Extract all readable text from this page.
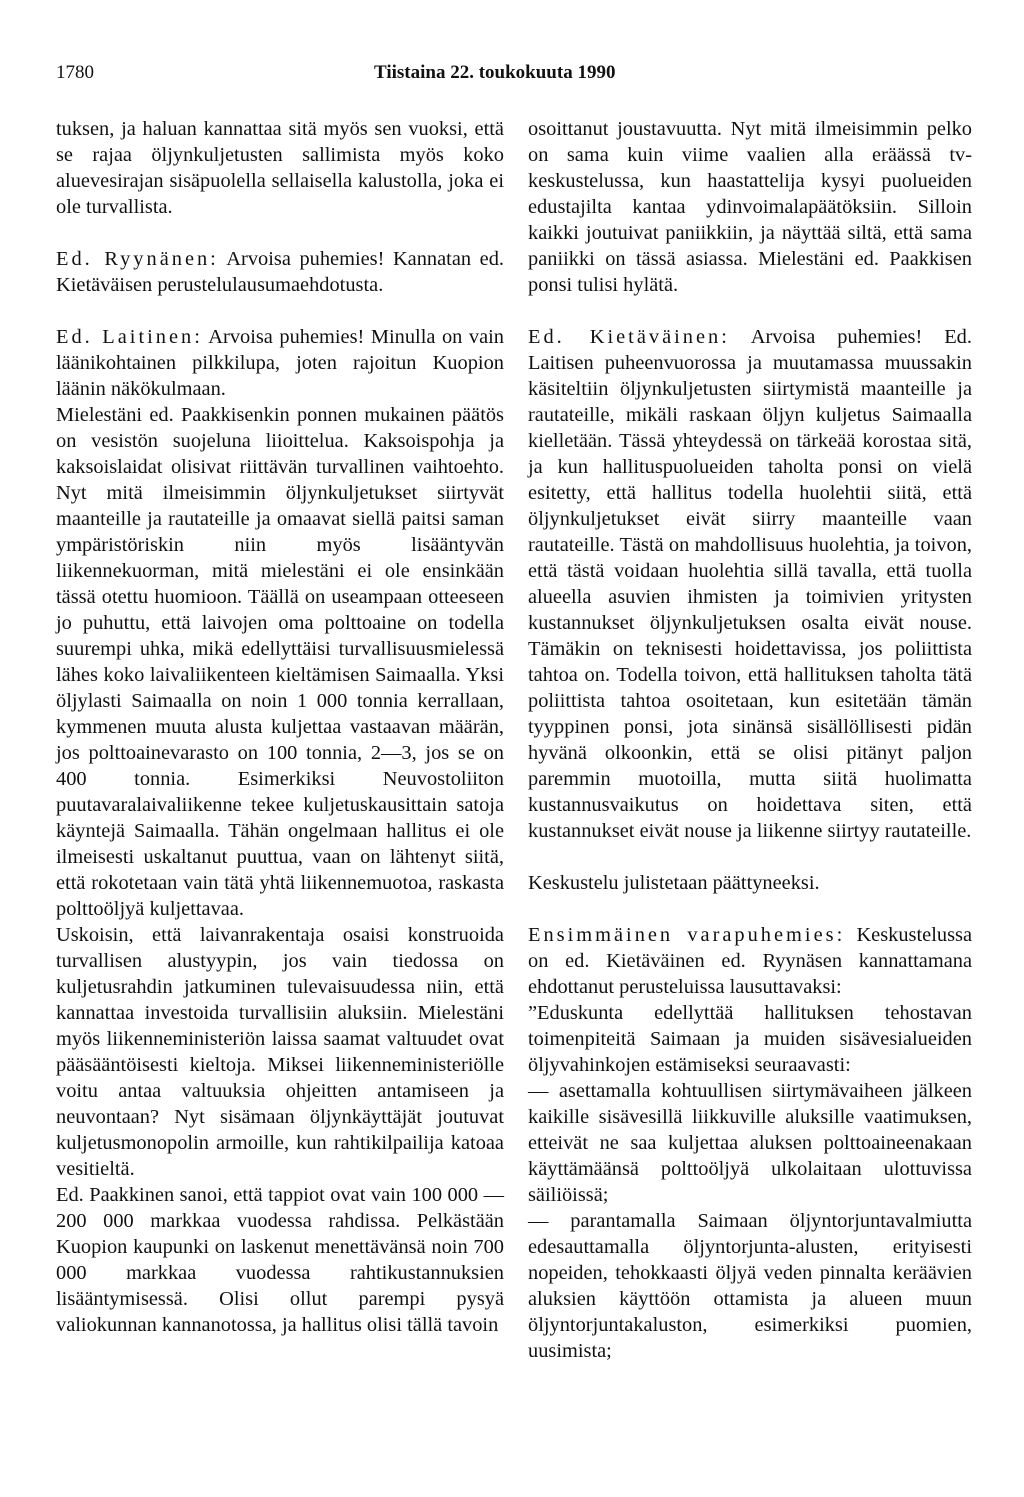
1780	Tiistaina 22. toukokuuta 1990

tuksen, ja haluan kannattaa sitä myös sen vuoksi, että se rajaa öljynkuljetusten sallimista myös koko aluevesirajan sisäpuolella sellaisella kalustolla, joka ei ole turvallista.

Ed. Ryynänen: Arvoisa puhemies! Kannatan ed. Kietäväisen perustelulausumaehdotusta.

Ed. Laitinen: Arvoisa puhemies! Minulla on vain läänikohtainen pilkkilupa, joten rajoitun Kuopion läänin näkökulmaan.

Mielestäni ed. Paakkisenkin ponnen mukainen päätös on vesistön suojeluna liioittelua. Kaksoispohja ja kaksoislaidat olisivat riittävän turvallinen vaihtoehto. Nyt mitä ilmeisimmin öljynkuljetukset siirtyvät maanteille ja rautateille ja omaavat siellä paitsi saman ympäristöriskin niin myös lisääntyvän liikennekuorman, mitä mielestäni ei ole ensinkään tässä otettu huomioon. Täällä on useampaan otteeseen jo puhuttu, että laivojen oma polttoaine on todella suurempi uhka, mikä edellyttäisi turvallisuusmielessä lähes koko laivaliikenteen kieltämisen Saimaalla. Yksi öljylasti Saimaalla on noin 1 000 tonnia kerrallaan, kymmenen muuta alusta kuljettaa vastaavan määrän, jos polttoainevarasto on 100 tonnia, 2—3, jos se on 400 tonnia. Esimerkiksi Neuvostoliiton puutavaralaivaliikenne tekee kuljetuskausittain satoja käyntejä Saimaalla. Tähän ongelmaan hallitus ei ole ilmeisesti uskaltanut puuttua, vaan on lähtenyt siitä, että rokotetaan vain tätä yhtä liikennemuotoa, raskasta polttoöljyä kuljettavaa.

Uskoisin, että laivanrakentaja osaisi konstruoida turvallisen alustyypin, jos vain tiedossa on kuljetusrahdin jatkuminen tulevaisuudessa niin, että kannattaa investoida turvallisiin aluksiin. Mielestäni myös liikenneministeriön laissa saamat valtuudet ovat pääsääntöisesti kieltoja. Miksei liikenneministeriölle voitu antaa valtuuksia ohjeitten antamiseen ja neuvontaan? Nyt sisämaan öljynkäyttäjät joutuvat kuljetusmonopolin armoille, kun rahtikilpailija katoaa vesitieltä.

Ed. Paakkinen sanoi, että tappiot ovat vain 100 000 — 200 000 markkaa vuodessa rahdissa. Pelkästään Kuopion kaupunki on laskenut menettävänsä noin 700 000 markkaa vuodessa rahtikustannuksien lisääntymisessä. Olisi ollut parempi pysyä valiokunnan kannanotossa, ja hallitus olisi tällä tavoin

osoittanut joustavuutta. Nyt mitä ilmeisimmin pelko on sama kuin viime vaalien alla eräässä tv-keskustelussa, kun haastattelija kysyi puolueiden edustajilta kantaa ydinvoimalapäätöksiin. Silloin kaikki joutuivat paniikkiin, ja näyttää siltä, että sama paniikki on tässä asiassa. Mielestäni ed. Paakkisen ponsi tulisi hylätä.

Ed. Kietäväinen: Arvoisa puhemies! Ed. Laitisen puheenvuorossa ja muutamassa muussakin käsiteltiin öljynkuljetusten siirtymistä maanteille ja rautateille, mikäli raskaan öljyn kuljetus Saimaalla kielletään. Tässä yhteydessä on tärkeää korostaa sitä, ja kun hallituspuolueiden taholta ponsi on vielä esitetty, että hallitus todella huolehtii siitä, että öljynkuljetukset eivät siirry maanteille vaan rautateille. Tästä on mahdollisuus huolehtia, ja toivon, että tästä voidaan huolehtia sillä tavalla, että tuolla alueella asuvien ihmisten ja toimivien yritysten kustannukset öljynkuljetuksen osalta eivät nouse. Tämäkin on teknisesti hoidettavissa, jos poliittista tahtoa on. Todella toivon, että hallituksen taholta tätä poliittista tahtoa osoitetaan, kun esitetään tämän tyyppinen ponsi, jota sinänsä sisällöllisesti pidän hyvänä olkoonkin, että se olisi pitänyt paljon paremmin muotoilla, mutta siitä huolimatta kustannusvaikutus on hoidettava siten, että kustannukset eivät nouse ja liikenne siirtyy rautateille.

Keskustelu julistetaan päättyneeksi.

Ensimmäinen varapuhemies: Keskustelussa on ed. Kietäväinen ed. Ryynäsen kannattamana ehdottanut perusteluissa lausuttavaksi:

”Eduskunta edellyttää hallituksen tehostavan toimenpiteitä Saimaan ja muiden sisävesialueiden öljyvahinkojen estämiseksi seuraavasti:

— asettamalla kohtuullisen siirtymävaiheen jälkeen kaikille sisävesillä liikkuville aluksille vaatimuksen, etteivät ne saa kuljettaa aluksen polttoaineenakaan käyttämäänsä polttoöljyä ulkolaitaan ulottuvissa säiliöissä;

— parantamalla Saimaan öljyntorjuntavalmiutta edesauttamalla öljyntorjunta-alusten, erityisesti nopeiden, tehokkaasti öljyä veden pinnalta keräävien aluksien käyttöön ottamista ja alueen muun öljyntorjuntakaluston, esimerkiksi puomien, uusimista;
